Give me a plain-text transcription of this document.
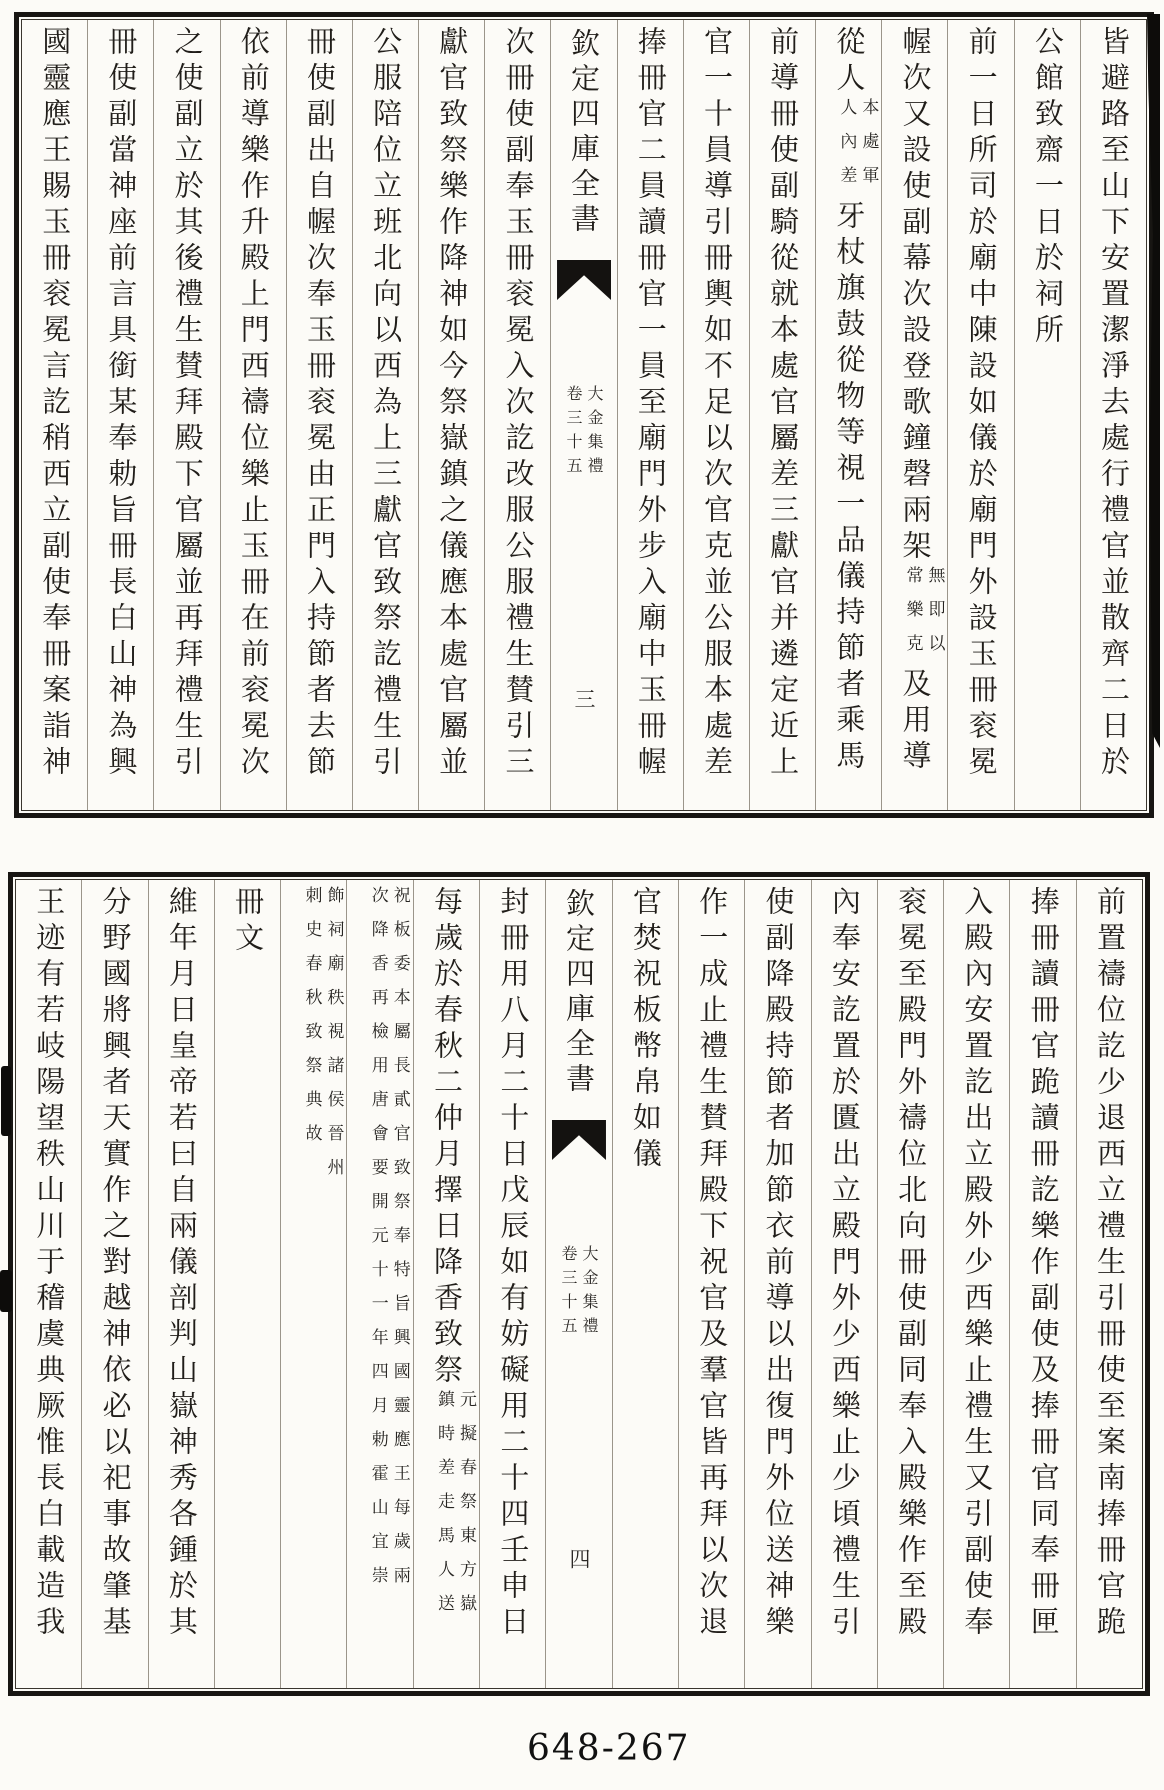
皆避路至山下安置潔淨去處行禮官並散齊二日於
公館致齋一日於祠所
前一日所司於廟中陳設如儀於廟門外設玉冊衮冕
幄次又設使副幕次設登歌鐘磬兩架
無即以
常樂克
及用導
從人
本處軍
人內差
牙杖旗鼓從物等視一品儀持節者乘馬
前導冊使副騎從就本處官屬差三獻官并遴定近上
官一十員導引冊輿如不足以次官克並公服本處差
捧冊官二員讀冊官一員至廟門外步入廟中玉冊幄
欽定四庫全書
大金集禮
卷三十五
三
次冊使副奉玉冊衮冕入次訖改服公服禮生賛引三
獻官致祭樂作降神如今祭嶽鎮之儀應本處官屬並
公服陪位立班北向以西為上三獻官致祭訖禮生引
冊使副出自幄次奉玉冊衮冕由正門入持節者去節
依前導樂作升殿上門西禱位樂止玉冊在前衮冕次
之使副立於其後禮生賛拜殿下官屬並再拜禮生引
冊使副當神座前言具銜某奉勅旨冊長白山神為興
國靈應王賜玉冊衮冕言訖稍西立副使奉冊案詣神
前置禱位訖少退西立禮生引冊使至案南捧冊官跪
捧冊讀冊官跪讀冊訖樂作副使及捧冊官同奉冊匣
入殿內安置訖出立殿外少西樂止禮生又引副使奉
衮冕至殿門外禱位北向冊使副同奉入殿樂作至殿
內奉安訖置於匱出立殿門外少西樂止少頃禮生引
使副降殿持節者加節衣前導以出復門外位送神樂
作一成止禮生賛拜殿下祝官及羣官皆再拜以次退
官焚祝板幣帛如儀
欽定四庫全書
大金集禮
卷三十五
四
封冊用八月二十日戊辰如有妨礙用二十四壬申日
每歲於春秋二仲月擇日降香致祭
元擬春祭東方嶽
鎮時差走馬人送
祝板委本屬長貳官致祭奉特旨興國靈應王每歲兩
次降香再檢用唐會要開元十一年四月勅霍山宜崇
飾祠廟秩視諸侯晉州
刺史春秋致祭典故
冊文
維年月日皇帝若曰自兩儀剖判山嶽神秀各鍾於其
分野國將興者天實作之對越神依必以祀事故肇基
王迹有若岐陽望秩山川于稽虞典厥惟長白載造我
648-267
